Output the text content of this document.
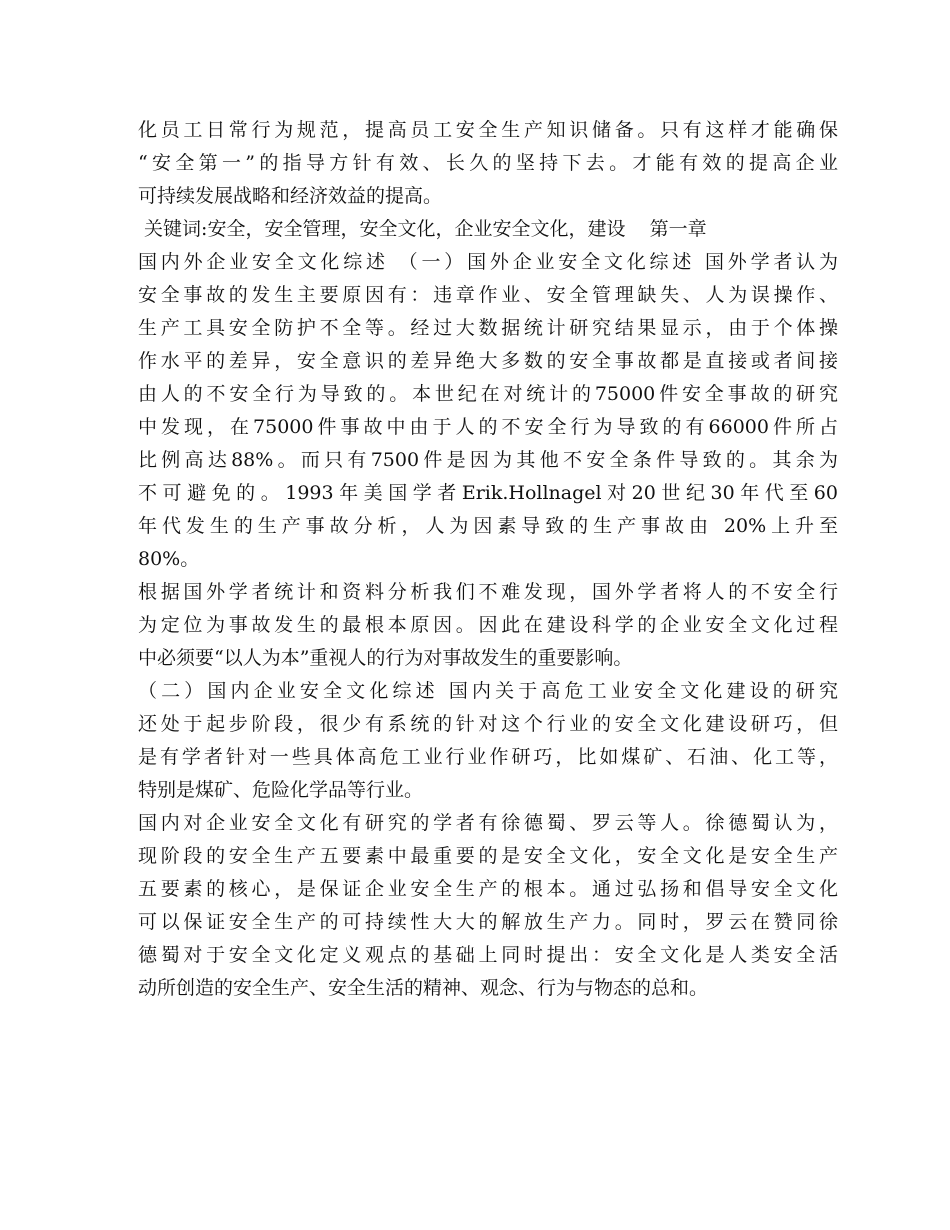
化员工日常行为规范，提高员工安全生产知识储备。只有这样才能确保
“安全第一”的指导方针有效、长久的坚持下去。才能有效的提高企业
可持续发展战略和经济效益的提高。
关键词:安全，安全管理，安全文化，企业安全文化，建设    第一章
国内外企业安全文化综述 （一）国外企业安全文化综述 国外学者认为
安全事故的发生主要原因有：违章作业、安全管理缺失、人为误操作、
生产工具安全防护不全等。经过大数据统计研究结果显示，由于个体操
作水平的差异，安全意识的差异绝大多数的安全事故都是直接或者间接
由人的不安全行为导致的。本世纪在对统计的75000件安全事故的研究
中发现，在75000件事故中由于人的不安全行为导致的有66000件所占
比例高达88%。而只有7500件是因为其他不安全条件导致的。其余为
不可避免的。1993年美国学者Erik.Hollnagel对20世纪30年代至60
年代发生的生产事故分析，人为因素导致的生产事故由 20%上升至
80%。
根据国外学者统计和资料分析我们不难发现，国外学者将人的不安全行
为定位为事故发生的最根本原因。因此在建设科学的企业安全文化过程
中必须要“以人为本”重视人的行为对事故发生的重要影响。
（二）国内企业安全文化综述 国内关于高危工业安全文化建设的研究
还处于起步阶段，很少有系统的针对这个行业的安全文化建设研巧，但
是有学者针对一些具体高危工业行业作研巧，比如煤矿、石油、化工等，
特别是煤矿、危险化学品等行业。
国内对企业安全文化有研究的学者有徐德蜀、罗云等人。徐德蜀认为，
现阶段的安全生产五要素中最重要的是安全文化，安全文化是安全生产
五要素的核心，是保证企业安全生产的根本。通过弘扬和倡导安全文化
可以保证安全生产的可持续性大大的解放生产力。同时，罗云在赞同徐
德蜀对于安全文化定义观点的基础上同时提出：安全文化是人类安全活
动所创造的安全生产、安全生活的精神、观念、行为与物态的总和。
